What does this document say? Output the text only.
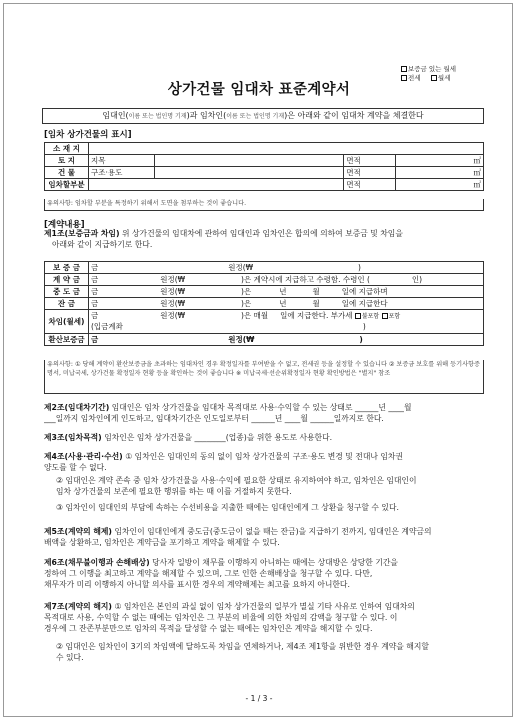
보증금 있는 월세
전세	월세
상가건물 임대차 표준계약서
임대인(이름 또는 법인명 기재)과 임차인(이름 또는 법인명 기재)은 아래와 같이 임대차 계약을 체결한다
[임차 상가건물의 표시]
소 재 지				
토 지	지목		면적	㎡
건 물	구조·용도		면적	㎡
임차할부분			면적	㎡
유의사항: 임차할 부분을 특정하기 위해서 도면을 첨부하는 것이 좋습니다.
[계약내용]
제1조(보증금과 차임) 위 상가건물의 임대차에 관하여 임대인과 임차인은 합의에 의하여 보증금 및 차임을
아래와 같이 지급하기로 한다.
보 증 금	금 원정(₩ )
계 약 금	금 원정(₩ )은 계약시에 지급하고 수령함. 수령인 ( 인)
중 도 금	금 원정(₩ )은 년 월 일에 지급하며
잔 금	금 원정(₩ )은 년 월 일에 지급한다
차임(월세)	금 원정(₩ )은 매월 일에 지급한다. 부가세 불포함 포함
(입금계좌 )
환산보증금	금 원정(₩ )
유의사항: ① 당해 계약이 환산보증금을 초과하는 임대차인 경우 확정일자를 부여받을 수 없고, 전세권 등을 설정할 수 있습니다 ② 보증금 보호를 위해 등기사항증명서, 미납국세, 상가건물 확정일자 현황 등을 확인하는 것이 좋습니다 ※ 미납국세·선순위확정일자 현황 확인방법은 "별지" 참조
제2조(임대차기간) 임대인은 임차 상가건물을 임대차 목적대로 사용·수익할 수 있는 상태로 ______년 ____월
___일까지 임차인에게 인도하고, 임대차기간은 인도일로부터 ______년 ____월 ______일까지로 한다.
제3조(임차목적) 임차인은 임차 상가건물을 ________(업종)을 위한 용도로 사용한다.
제4조(사용·관리·수선) ① 임차인은 임대인의 동의 없이 임차 상가건물의 구조·용도 변경 및 전대나 임차권
양도를 할 수 없다.
② 임대인은 계약 존속 중 임차 상가건물을 사용·수익에 필요한 상태로 유지하여야 하고, 임차인은 임대인이
임차 상가건물의 보존에 필요한 행위를 하는 때 이를 거절하지 못한다.
③ 임차인이 임대인의 부담에 속하는 수선비용을 지출한 때에는 임대인에게 그 상환을 청구할 수 있다.
제5조(계약의 해제) 임차인이 임대인에게 중도금(중도금이 없을 때는 잔금)을 지급하기 전까지, 임대인은 계약금의
배액을 상환하고, 임차인은 계약금을 포기하고 계약을 해제할 수 있다.
제6조(채무불이행과 손해배상) 당사자 일방이 채무를 이행하지 아니하는 때에는 상대방은 상당한 기간을
정하여 그 이행을 최고하고 계약을 해제할 수 있으며, 그로 인한 손해배상을 청구할 수 있다. 다만,
채무자가 미리 이행하지 아니할 의사를 표시한 경우의 계약해제는 최고를 요하지 아니한다.
제7조(계약의 해지) ① 임차인은 본인의 과실 없이 임차 상가건물의 일부가 멸실 기타 사유로 인하여 임대차의
목적대로 사용, 수익할 수 없는 때에는 임차인은 그 부분의 비율에 의한 차임의 감액을 청구할 수 있다. 이
경우에 그 잔존부분만으로 임차의 목적을 달성할 수 없는 때에는 임차인은 계약을 해지할 수 있다.
② 임대인은 임차인이 3기의 차임액에 달하도록 차임을 연체하거나, 제4조 제1항을 위반한 경우 계약을 해지할
수 있다.
- 1 / 3 -
